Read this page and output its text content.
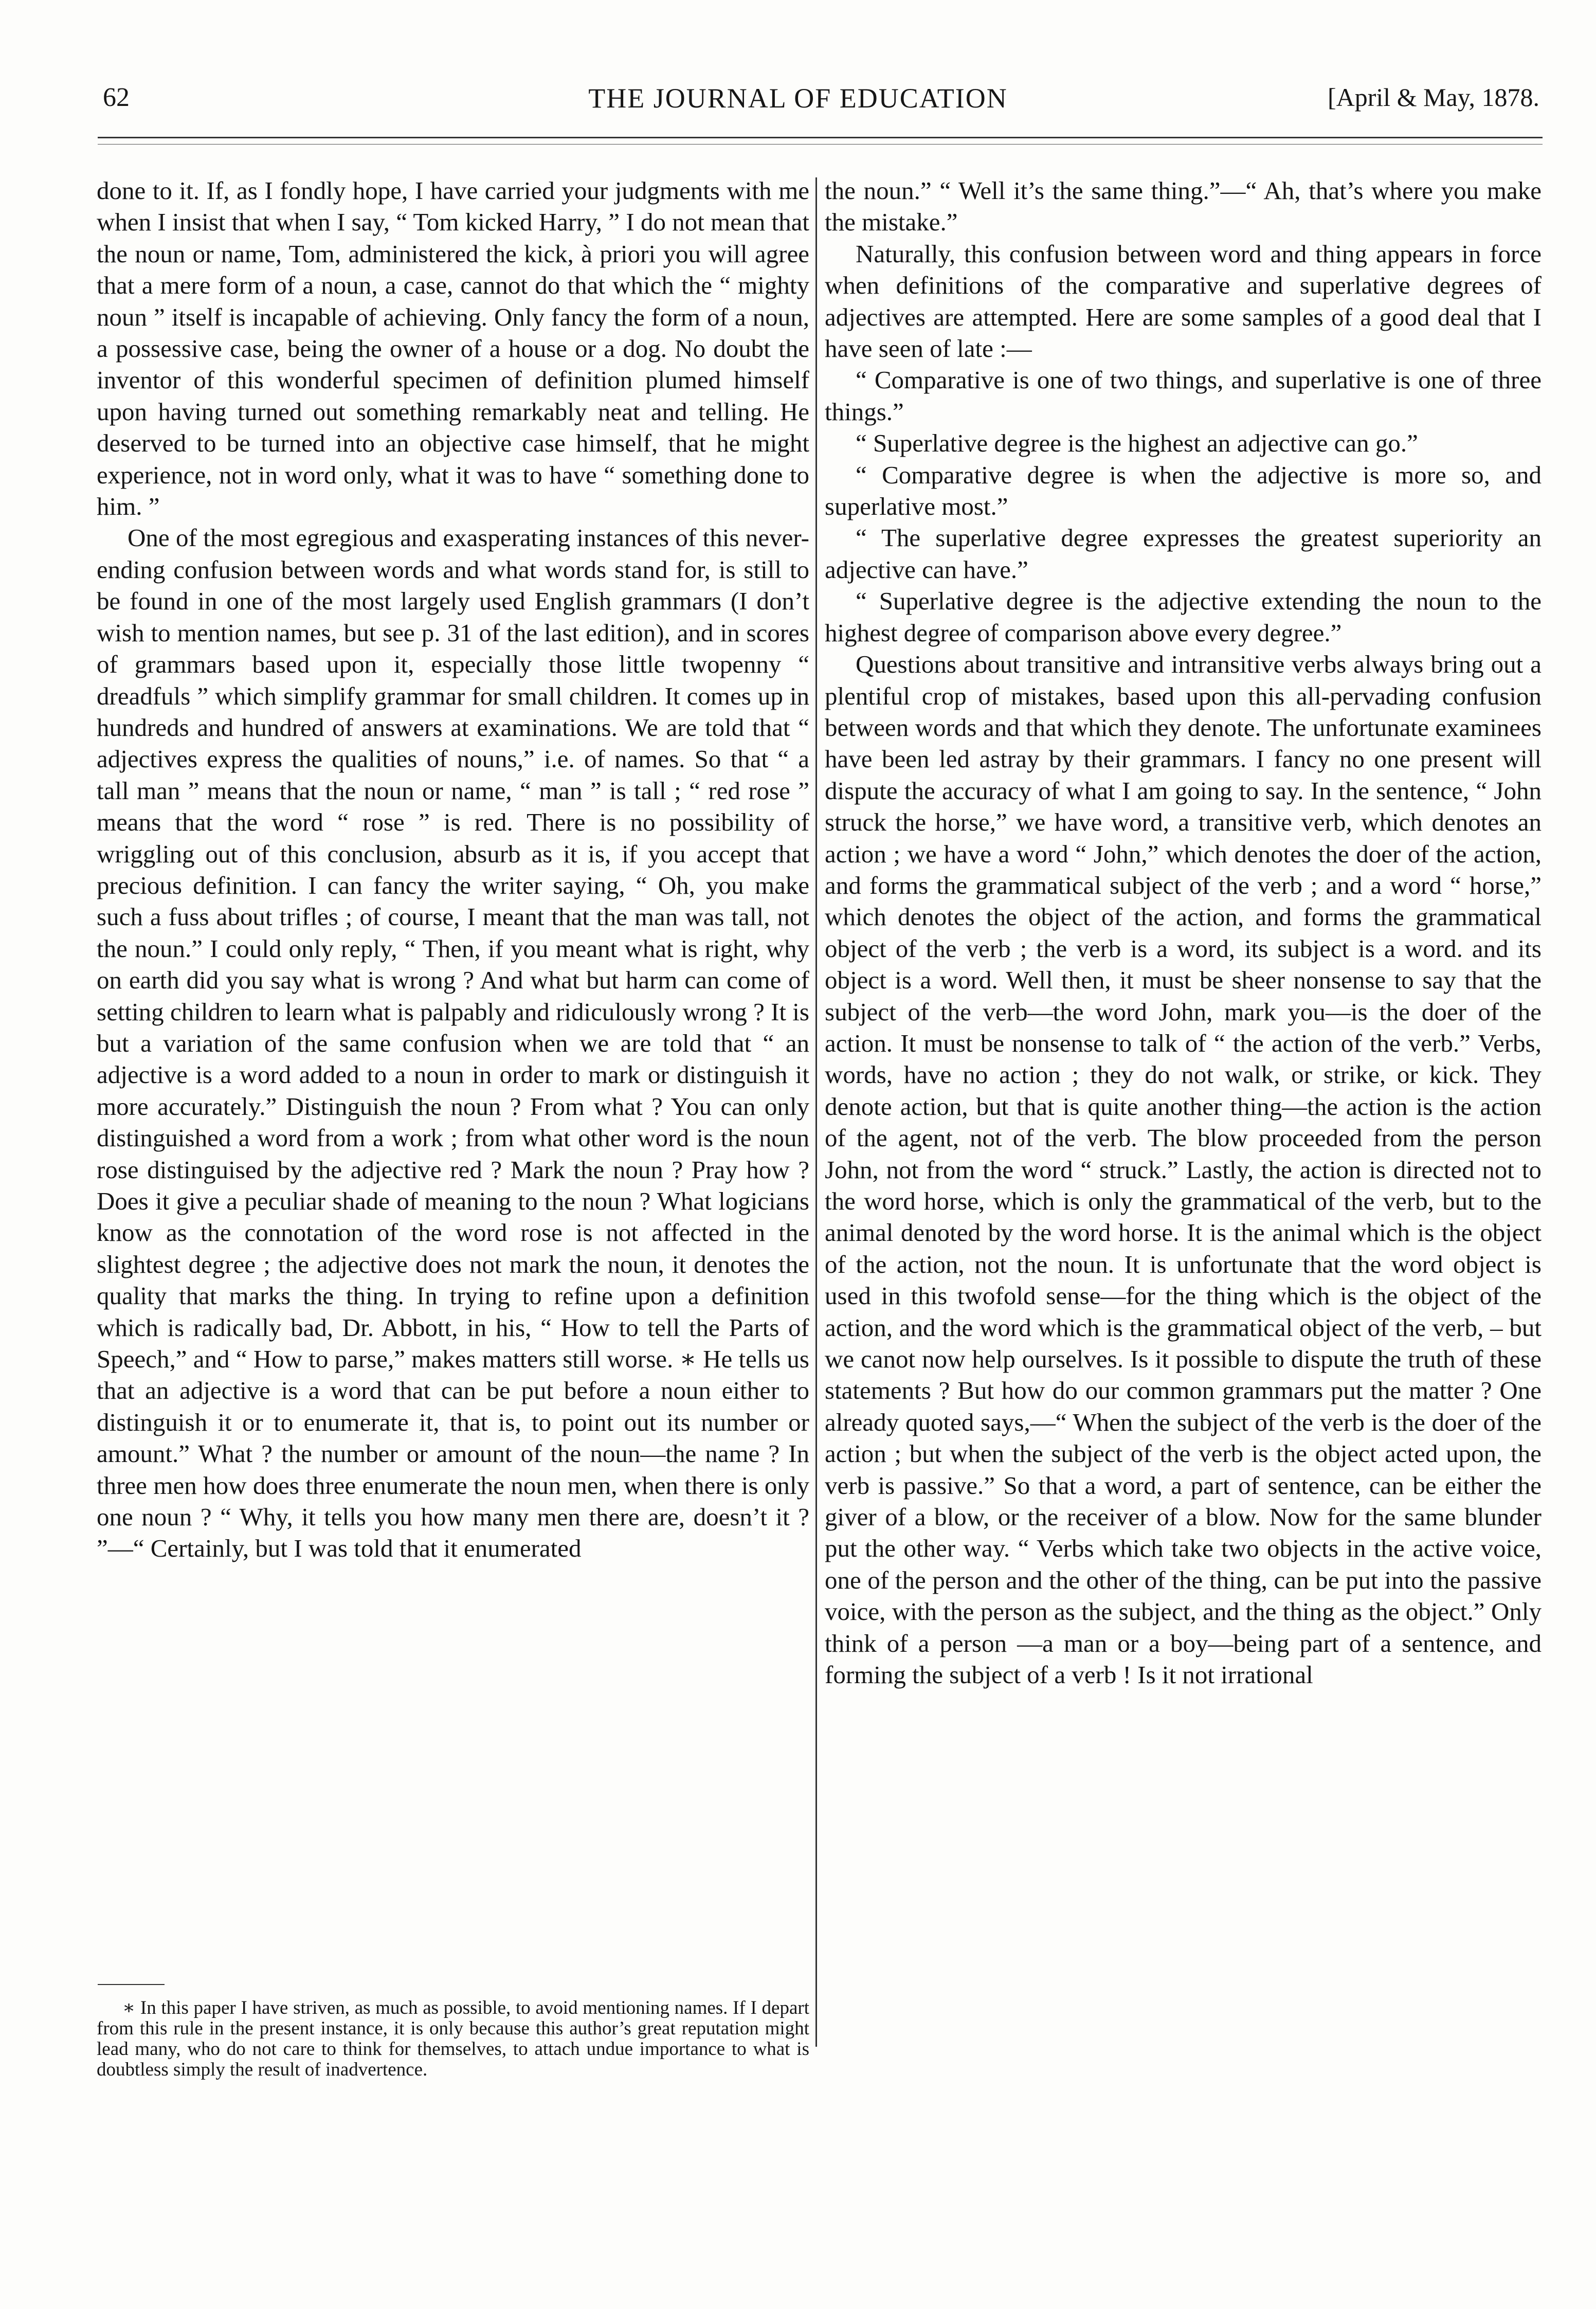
62	THE JOURNAL OF EDUCATION	[April & May, 1878.

done to it. If, as I fondly hope, I have carried your judgments with me when I insist that when I say, “ Tom kicked Harry, ” I do not mean that the noun or name, Tom, administered the kick, à priori you will agree that a mere form of a noun, a case, cannot do that which the “ mighty noun ” itself is incapable of achieving. Only fancy the form of a noun, a possessive case, being the owner of a house or a dog. No doubt the inventor of this wonderful specimen of definition plumed himself upon having turned out something remarkably neat and telling. He deserved to be turned into an objective case himself, that he might experience, not in word only, what it was to have “ something done to him. ”

One of the most egregious and exasperating instances of this never-ending confusion between words and what words stand for, is still to be found in one of the most largely used English grammars (I don’t wish to mention names, but see p. 31 of the last edition), and in scores of grammars based upon it, especially those little twopenny “ dreadfuls ” which simplify grammar for small children. It comes up in hundreds and hundred of answers at examinations. We are told that “ adjectives express the qualities of nouns,” i.e. of names. So that “ a tall man ” means that the noun or name, “ man ” is tall ; “ red rose ” means that the word “ rose ” is red. There is no possibility of wriggling out of this conclusion, absurb as it is, if you accept that precious definition. I can fancy the writer saying, “ Oh, you make such a fuss about trifles ; of course, I meant that the man was tall, not the noun.” I could only reply, “ Then, if you meant what is right, why on earth did you say what is wrong ? And what but harm can come of setting children to learn what is palpably and ridiculously wrong ? It is but a variation of the same confusion when we are told that “ an adjective is a word added to a noun in order to mark or distinguish it more accurately.” Distinguish the noun ? From what ? You can only distinguished a word from a work ; from what other word is the noun rose distinguised by the adjective red ? Mark the noun ? Pray how ? Does it give a peculiar shade of meaning to the noun ? What logicians know as the connotation of the word rose is not affected in the slightest degree ; the adjective does not mark the noun, it denotes the quality that marks the thing. In trying to refine upon a definition which is radically bad, Dr. Abbott, in his, “ How to tell the Parts of Speech,” and “ How to parse,” makes matters still worse. ∗ He tells us that an adjective is a word that can be put before a noun either to distinguish it or to enumerate it, that is, to point out its number or amount.” What ? the number or amount of the noun—the name ? In three men how does three enumerate the noun men, when there is only one noun ? “ Why, it tells you how many men there are, doesn’t it ? ”—“ Certainly, but I was told that it enumerated

the noun.” “ Well it’s the same thing.”—“ Ah, that’s where you make the mistake.”

Naturally, this confusion between word and thing appears in force when definitions of the comparative and superlative degrees of adjectives are attempted. Here are some samples of a good deal that I have seen of late :—

“ Comparative is one of two things, and superlative is one of three things.”

“ Superlative degree is the highest an adjective can go.”

“ Comparative degree is when the adjective is more so, and superlative most.”

“ The superlative degree expresses the greatest superiority an adjective can have.”

“ Superlative degree is the adjective extending the noun to the highest degree of comparison above every degree.”

Questions about transitive and intransitive verbs always bring out a plentiful crop of mistakes, based upon this all-pervading confusion between words and that which they denote. The unfortunate examinees have been led astray by their grammars. I fancy no one present will dispute the accuracy of what I am going to say. In the sentence, “ John struck the horse,” we have word, a transitive verb, which denotes an action ; we have a word “ John,” which denotes the doer of the action, and forms the grammatical subject of the verb ; and a word “ horse,” which denotes the object of the action, and forms the grammatical object of the verb ; the verb is a word, its subject is a word. and its object is a word. Well then, it must be sheer nonsense to say that the subject of the verb—the word John, mark you—is the doer of the action. It must be nonsense to talk of “ the action of the verb.” Verbs, words, have no action ; they do not walk, or strike, or kick. They denote action, but that is quite another thing—the action is the action of the agent, not of the verb. The blow proceeded from the person John, not from the word “ struck.” Lastly, the action is directed not to the word horse, which is only the grammatical of the verb, but to the animal denoted by the word horse. It is the animal which is the object of the action, not the noun. It is unfortunate that the word object is used in this twofold sense—for the thing which is the object of the action, and the word which is the grammatical object of the verb, – but we canot now help ourselves. Is it possible to dispute the truth of these statements ? But how do our common grammars put the matter ? One already quoted says,—“ When the subject of the verb is the doer of the action ; but when the subject of the verb is the object acted upon, the verb is passive.” So that a word, a part of sentence, can be either the giver of a blow, or the receiver of a blow. Now for the same blunder put the other way. “ Verbs which take two objects in the active voice, one of the person and the other of the thing, can be put into the passive voice, with the person as the subject, and the thing as the object.” Only think of a person —a man or a boy—being part of a sentence, and forming the subject of a verb ! Is it not irrational

∗ In this paper I have striven, as much as possible, to avoid mentioning names. If I depart from this rule in the present instance, it is only because this author’s great reputation might lead many, who do not care to think for themselves, to attach undue importance to what is doubtless simply the result of inadvertence.
